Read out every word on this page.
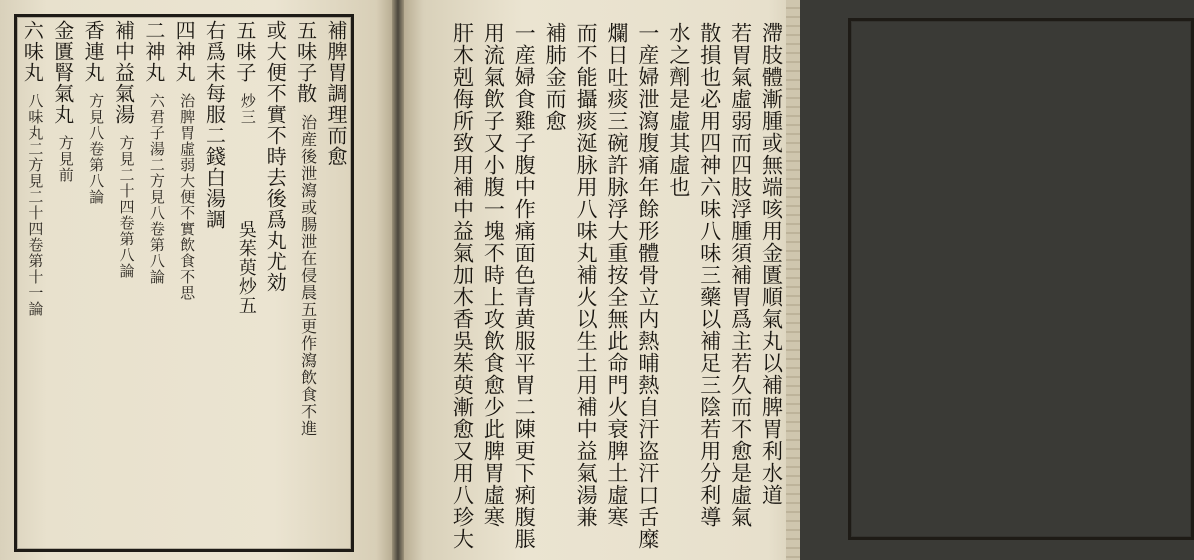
補脾胃調理而愈
五味子散
治産後泄瀉或腸泄在侵晨五更作瀉飲食不進
或大便不實不時去後爲丸尤効
五味子
炒三
吳茱萸炒五
右爲末每服二錢白湯調
四神丸
治脾胃虛弱大便不實飲食不思
二神丸
六君子湯二方見八卷第八論
補中益氣湯
方見二十四卷第八論
香連丸
方見八卷第八論
金匱腎氣丸
方見前
六味丸
八味丸二方見二十四卷第十一論	滯肢體漸腫或無端咳用金匱順氣丸以補脾胃利水道
若胃氣虛弱而四肢浮腫須補胃爲主若久而不愈是虛氣
散損也必用四神六味八味三藥以補足三陰若用分利導
水之劑是虛其虛也
一産婦泄瀉腹痛年餘形體骨立内熱晡熱自汗盗汗口舌糜
爛日吐痰三碗許脉浮大重按全無此命門火衰脾土虛寒
而不能攝痰涎脉用八味丸補火以生土用補中益氣湯兼
補肺金而愈
一産婦食雞子腹中作痛面色青黄服平胃二陳更下痢腹脹
用流氣飲子又小腹一塊不時上攻飲食愈少此脾胃虛寒
肝木剋侮所致用補中益氣加木香吳茱萸漸愈又用八珍大
